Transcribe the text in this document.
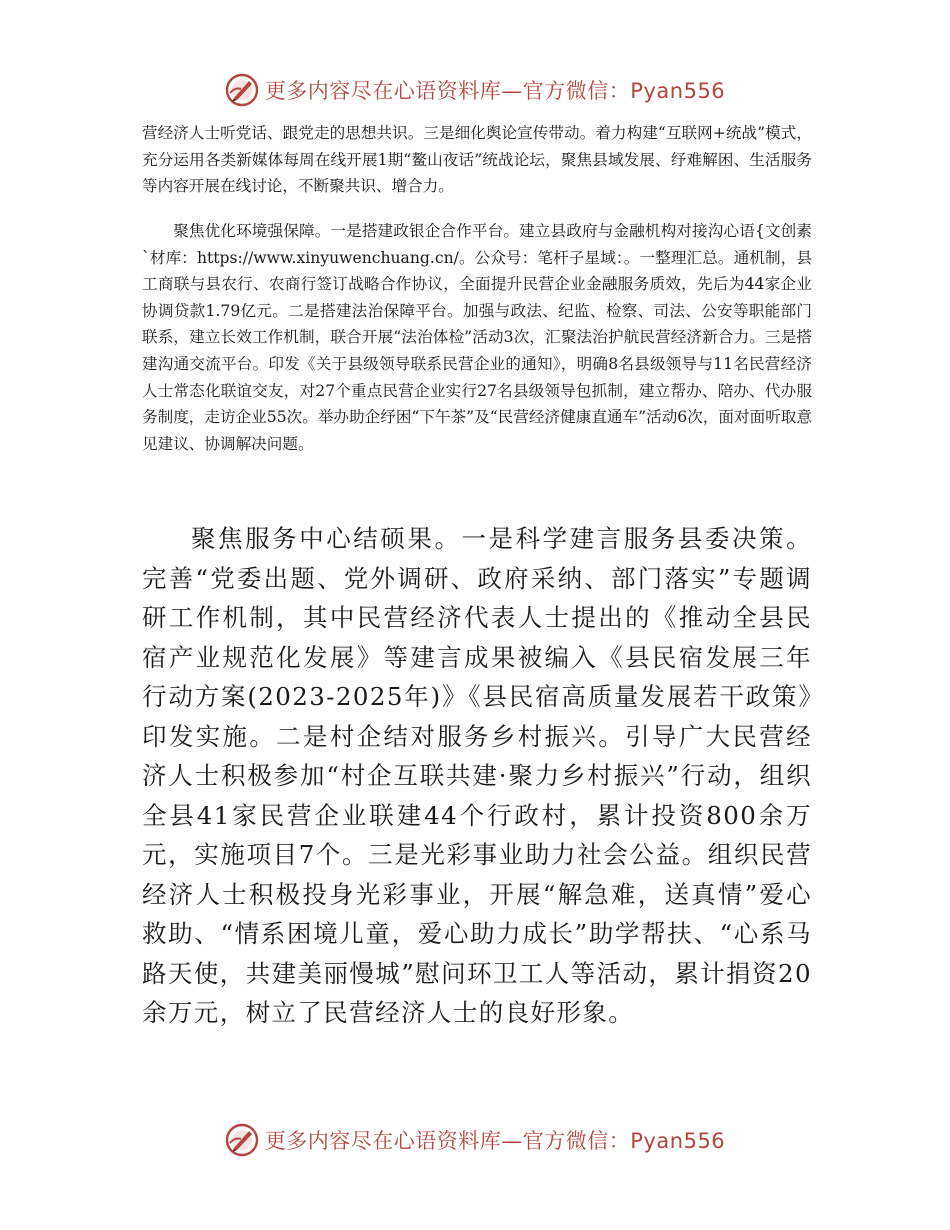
更多内容尽在心语资料库—官方微信：Pyan556

营经济人士听党话、跟党走的思想共识。三是细化舆论宣传带动。着力构建“互联网+统战”模式，充分运用各类新媒体每周在线开展1期“鳌山夜话”统战论坛，聚焦县域发展、纾难解困、生活服务等内容开展在线讨论，不断聚共识、增合力。

聚焦优化环境强保障。一是搭建政银企合作平台。建立县政府与金融机构对接沟心语{文创素`材库：https://www.xinyuwenchuang.cn/。公众号：笔杆子星域：。一整理汇总。通机制，县工商联与县农行、农商行签订战略合作协议，全面提升民营企业金融服务质效，先后为44家企业协调贷款1.79亿元。二是搭建法治保障平台。加强与政法、纪监、检察、司法、公安等职能部门联系，建立长效工作机制，联合开展“法治体检”活动3次，汇聚法治护航民营经济新合力。三是搭建沟通交流平台。印发《关于县级领导联系民营企业的通知》，明确8名县级领导与11名民营经济人士常态化联谊交友，对27个重点民营企业实行27名县级领导包抓制，建立帮办、陪办、代办服务制度，走访企业55次。举办助企纾困“下午茶”及“民营经济健康直通车”活动6次，面对面听取意见建议、协调解决问题。

聚焦服务中心结硕果。一是科学建言服务县委决策。完善“党委出题、党外调研、政府采纳、部门落实”专题调研工作机制，其中民营经济代表人士提出的《推动全县民宿产业规范化发展》等建言成果被编入《县民宿发展三年行动方案(2023-2025年)》《县民宿高质量发展若干政策》印发实施。二是村企结对服务乡村振兴。引导广大民营经济人士积极参加“村企互联共建·聚力乡村振兴”行动，组织全县41家民营企业联建44个行政村，累计投资800余万元，实施项目7个。三是光彩事业助力社会公益。组织民营经济人士积极投身光彩事业，开展“解急难，送真情”爱心救助、“情系困境儿童，爱心助力成长”助学帮扶、“心系马路天使，共建美丽慢城”慰问环卫工人等活动，累计捐资20余万元，树立了民营经济人士的良好形象。

更多内容尽在心语资料库—官方微信：Pyan556
